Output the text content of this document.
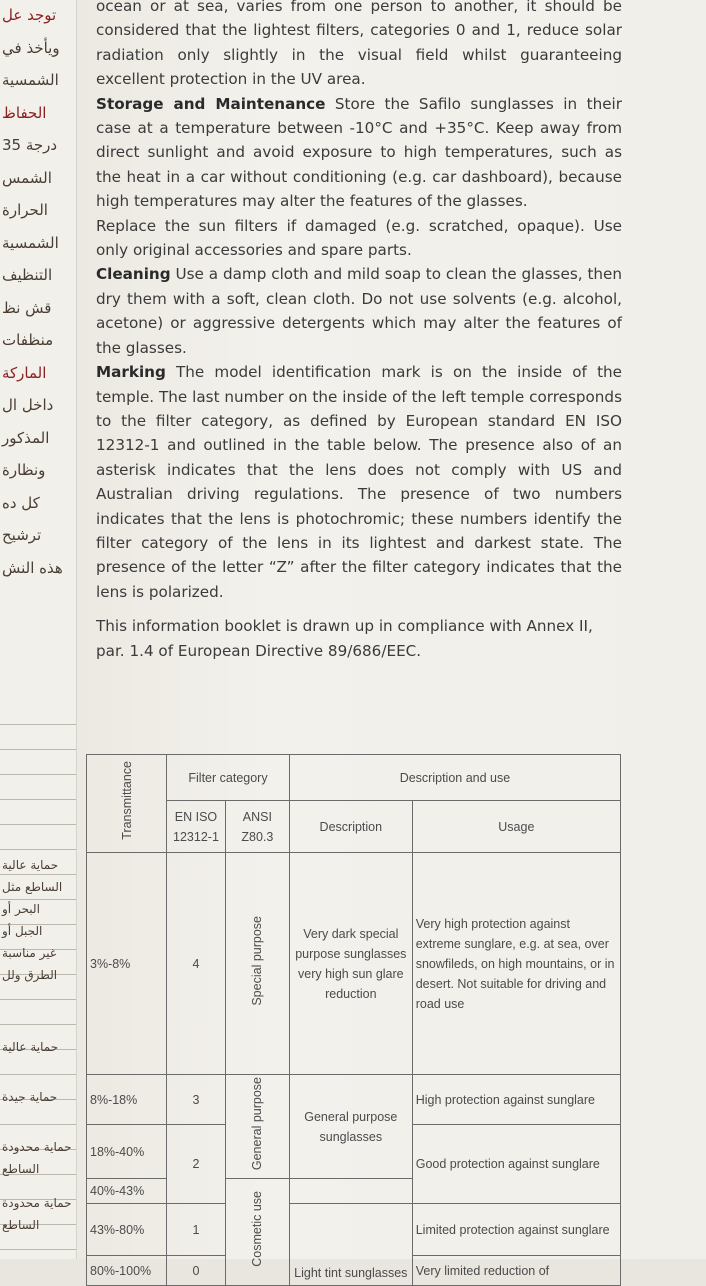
توجد عل
ويأخذ في
الشمسية
الحفاظ
35 درجة
الشمس
الحرارة
الشمسية
التنظيف
قش نظ
منظفات
الماركة
داخل ال
المذكور
ونظارة
كل ده
ترشيح
هذه النش
حماية عالية
الساطع مثل
البحر أو
الجبل أو
غير مناسبة
الطرق ولل
حماية عالية
حماية جيدة
حماية محدودة
الساطع
حماية محدودة
الساطع

ocean or at sea, varies from one person to another, it should be considered that the lightest filters, categories 0 and 1, reduce solar radiation only slightly in the visual field whilst guaranteeing excellent protection in the UV area.

Storage and Maintenance Store the Safilo sunglasses in their case at a temperature between -10°C and +35°C. Keep away from direct sunlight and avoid exposure to high temperatures, such as the heat in a car without conditioning (e.g. car dashboard), because high temperatures may alter the features of the glasses.

Replace the sun filters if damaged (e.g. scratched, opaque). Use only original accessories and spare parts.

Cleaning Use a damp cloth and mild soap to clean the glasses, then dry them with a soft, clean cloth. Do not use solvents (e.g. alcohol, acetone) or aggressive detergents which may alter the features of the glasses.

Marking The model identification mark is on the inside of the temple. The last number on the inside of the left temple corresponds to the filter category, as defined by European standard EN ISO 12312-1 and outlined in the table below. The presence also of an asterisk indicates that the lens does not comply with US and Australian driving regulations. The presence of two numbers indicates that the lens is photochromic; these numbers identify the filter category of the lens in its lightest and darkest state. The presence of the letter “Z” after the filter category indicates that the lens is polarized.

This information booklet is drawn up in compliance with Annex II, par. 1.4 of European Directive 89/686/EEC.

Transmittance	Filter category		Description and use	
	EN ISO 12312-1	ANSI Z80.3	Description	Usage
3%-8%	4	Special purpose	Very dark special purpose sunglasses very high sun glare reduction	Very high protection against extreme sunglare, e.g. at sea, over snowfileds, on high mountains, or in desert. Not suitable for driving and road use
8%-18%	3	General purpose	General purpose sunglasses	High protection against sunglare
18%-40%	2			Good protection against sunglare
40%-43%		Cosmetic use		
43%-80%	1		Light tint sunglasses	Limited protection against sunglare
80%-100%	0			Very limited reduction of
